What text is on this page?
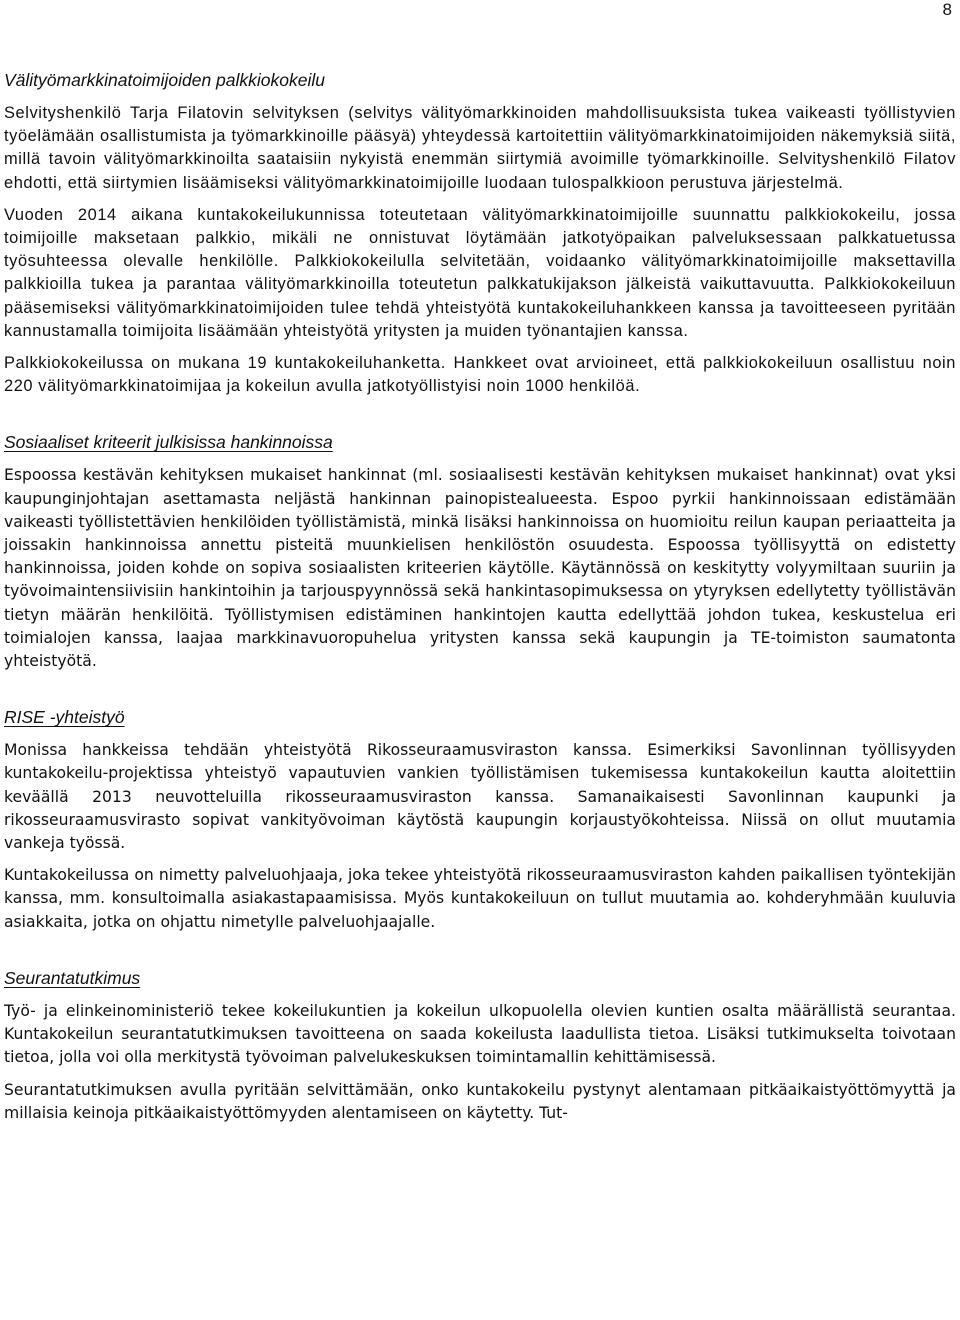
8
Välityömarkkinatoimijoiden palkkiokokeilu

Selvityshenkilö Tarja Filatovin selvityksen (selvitys välityömarkkinoiden mahdollisuuksista tukea vaikeasti työllistyvien työelämään osallistumista ja työmarkkinoille pääsyä) yhteydessä kartoitettiin välityömarkkinatoimijoiden näkemyksiä siitä, millä tavoin välityömarkkinoilta saataisiin nykyistä enemmän siirtymiä avoimille työmarkkinoille. Selvityshenkilö Filatov ehdotti, että siirtymien lisäämiseksi välityömarkkinatoimijoille luodaan tulospalkkioon perustuva järjestelmä.

Vuoden 2014 aikana kuntakokeilukunnissa toteutetaan välityömarkkinatoimijoille suunnattu palkkiokokeilu, jossa toimijoille maksetaan palkkio, mikäli ne onnistuvat löytämään jatkotyöpaikan palveluksessaan palkkatuetussa työsuhteessa olevalle henkilölle. Palkkiokokeilulla selvitetään, voidaanko välityömarkkinatoimijoille maksettavilla palkkioilla tukea ja parantaa välityömarkkinoilla toteutetun palkkatukijakson jälkeistä vaikuttavuutta. Palkkiokokeiluun pääsemiseksi välityömarkkinatoimijoiden tulee tehdä yhteistyötä kuntakokeiluhankkeen kanssa ja tavoitteeseen pyritään kannustamalla toimijoita lisäämään yhteistyötä yritysten ja muiden työnantajien kanssa.

Palkkiokokeilussa on mukana 19 kuntakokeiluhanketta. Hankkeet ovat arvioineet, että palkkiokokeiluun osallistuu noin 220 välityömarkkinatoimijaa ja kokeilun avulla jatkotyöllistyisi noin 1000 henkilöä.

Sosiaaliset kriteerit julkisissa hankinnoissa

Espoossa kestävän kehityksen mukaiset hankinnat (ml. sosiaalisesti kestävän kehityksen mukaiset hankinnat) ovat yksi kaupunginjohtajan asettamasta neljästä hankinnan painopistealueesta. Espoo pyrkii hankinnoissaan edistämään vaikeasti työllistettävien henkilöiden työllistämistä, minkä lisäksi hankinnoissa on huomioitu reilun kaupan periaatteita ja joissakin hankinnoissa annettu pisteitä muunkielisen henkilöstön osuudesta. Espoossa työllisyyttä on edistetty hankinnoissa, joiden kohde on sopiva sosiaalisten kriteerien käytölle. Käytännössä on keskitytty volyymiltaan suuriin ja työvoimaintensiivisiin hankintoihin ja tarjouspyynnössä sekä hankintasopimuksessa on ytyryksen edellytetty työllistävän tietyn määrän henkilöitä. Työllistymisen edistäminen hankintojen kautta edellyttää johdon tukea, keskustelua eri toimialojen kanssa, laajaa markkinavuoropuhelua yritysten kanssa sekä kaupungin ja TE-toimiston saumatonta yhteistyötä.

RISE -yhteistyö

Monissa hankkeissa tehdään yhteistyötä Rikosseuraamusviraston kanssa. Esimerkiksi Savonlinnan työllisyyden kuntakokeilu-projektissa yhteistyö vapautuvien vankien työllistämisen tukemisessa kuntakokeilun kautta aloitettiin keväällä 2013 neuvotteluilla rikosseuraamusviraston kanssa. Samanaikaisesti Savonlinnan kaupunki ja rikosseuraamusvirasto sopivat vankityövoiman käytöstä kaupungin korjaustyökohteissa. Niissä on ollut muutamia vankeja työssä.

Kuntakokeilussa on nimetty palveluohjaaja, joka tekee yhteistyötä rikosseuraamusviraston kahden paikallisen työntekijän kanssa, mm. konsultoimalla asiakastapaamisissa. Myös kuntakokeiluun on tullut muutamia ao. kohderyhmään kuuluvia asiakkaita, jotka on ohjattu nimetylle palveluohjaajalle.

Seurantatutkimus

Työ- ja elinkeinoministeriö tekee kokeilukuntien ja kokeilun ulkopuolella olevien kuntien osalta määrällistä seurantaa. Kuntakokeilun seurantatutkimuksen tavoitteena on saada kokeilusta laadullista tietoa. Lisäksi tutkimukselta toivotaan tietoa, jolla voi olla merkitystä työvoiman palvelukeskuksen toimintamallin kehittämisessä.

Seurantatutkimuksen avulla pyritään selvittämään, onko kuntakokeilu pystynyt alentamaan pitkäaikaistyöttömyyttä ja millaisia keinoja pitkäaikaistyöttömyyden alentamiseen on käytetty. Tut-
